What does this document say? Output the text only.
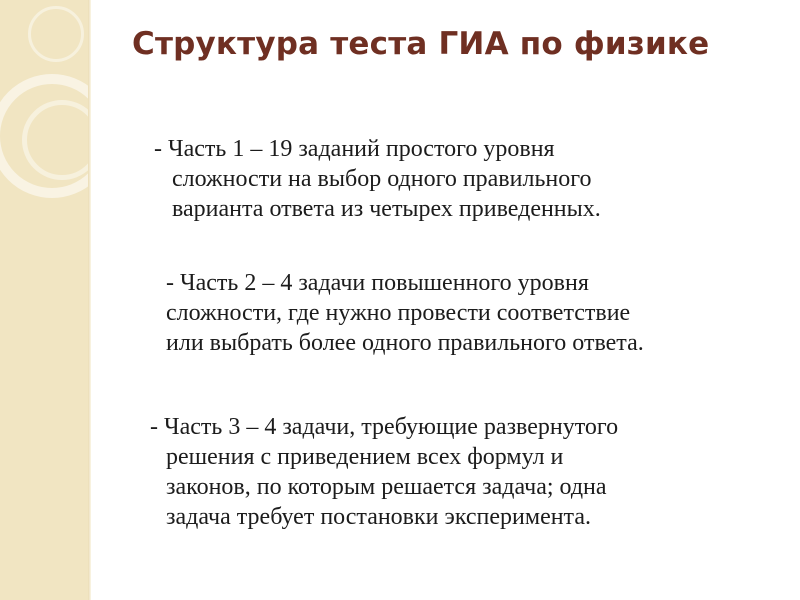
Структура теста ГИА по физике

- Часть 1 – 19 заданий простого уровня
сложности на выбор одного правильного
варианта ответа из четырех приведенных.

- Часть 2 – 4 задачи повышенного уровня
сложности, где нужно провести соответствие
или выбрать более одного правильного ответа.

- Часть 3 – 4 задачи, требующие развернутого
решения с приведением всех формул и
законов, по которым решается задача; одна
задача требует постановки эксперимента.
